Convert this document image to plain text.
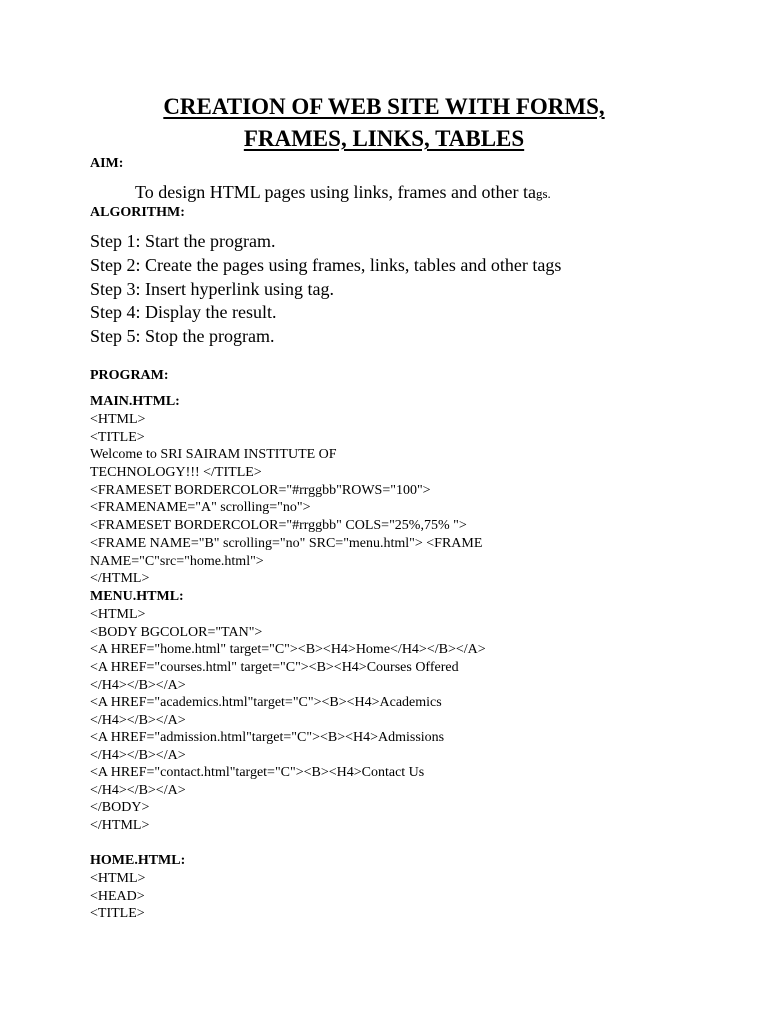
CREATION OF WEB SITE WITH FORMS,
FRAMES, LINKS, TABLES
AIM:
To design HTML pages using links, frames and other tags.
ALGORITHM:
Step 1: Start the program.
Step 2: Create the pages using frames, links, tables and other tags
Step 3: Insert hyperlink using tag.
Step 4: Display the result.
Step 5: Stop the program.
PROGRAM:
MAIN.HTML:
<HTML>
<TITLE>
Welcome to SRI SAIRAM INSTITUTE OF
TECHNOLOGY!!! </TITLE>
<FRAMESET BORDERCOLOR="#rrggbb"ROWS="100">
<FRAMENAME="A" scrolling="no">
<FRAMESET BORDERCOLOR="#rrggbb" COLS="25%,75% ">
<FRAME NAME="B" scrolling="no" SRC="menu.html"> <FRAME
NAME="C"src="home.html">
</HTML>
MENU.HTML:
<HTML>
<BODY BGCOLOR="TAN">
<A HREF="home.html" target="C"><B><H4>Home</H4></B></A>
<A HREF="courses.html" target="C"><B><H4>Courses Offered
</H4></B></A>
<A HREF="academics.html"target="C"><B><H4>Academics
</H4></B></A>
<A HREF="admission.html"target="C"><B><H4>Admissions
</H4></B></A>
<A HREF="contact.html"target="C"><B><H4>Contact Us
</H4></B></A>
</BODY>
</HTML>
HOME.HTML:
<HTML>
<HEAD>
<TITLE>
